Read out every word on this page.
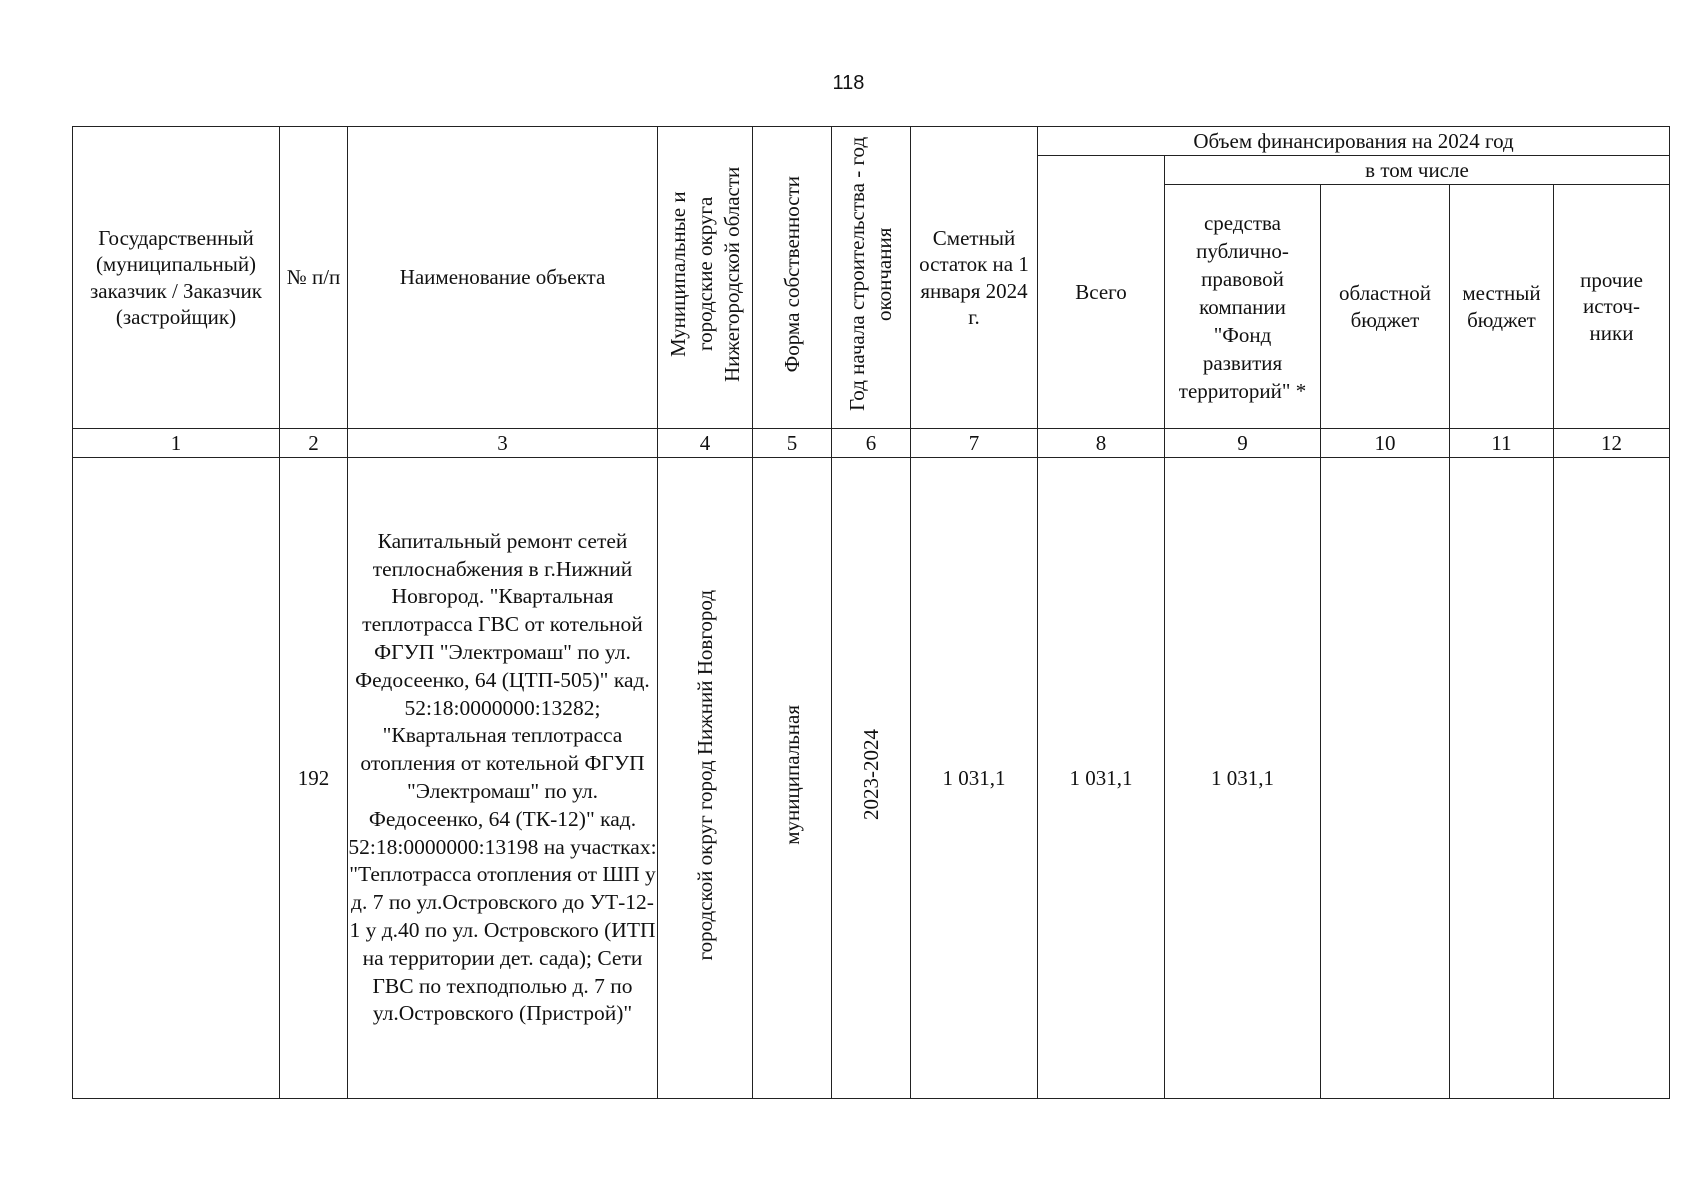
118
Государственный (муниципальный) заказчик / Заказчик (застройщик)	№ п/п	Наименование объекта	Муниципальные и городские округа Нижегородской области	Форма собственности	Год начала строительства - год окончания	Сметный остаток на 1 января 2024 г.	Объем финансирования на 2024 год				
							Всего	в том числе			
								средства публично-правовой компании "Фонд развития территорий" *	областной бюджет	местный бюджет	прочие источ-ники
1	2	3	4	5	6	7	8	9	10	11	12
	192	Капитальный ремонт сетей теплоснабжения в г.Нижний Новгород. "Квартальная теплотрасса ГВС от котельной ФГУП "Электромаш" по ул. Федосеенко, 64 (ЦТП-505)" кад. 52:18:0000000:13282; "Квартальная теплотрасса отопления от котельной ФГУП "Электромаш" по ул. Федосеенко, 64 (ТК-12)" кад. 52:18:0000000:13198 на участках: "Теплотрасса отопления от ШП у д. 7 по ул.Островского до УТ-12-1 у д.40 по ул. Островского (ИТП на территории дет. сада); Сети ГВС по техподполью д. 7 по ул.Островского (Пристрой)"	городской округ город Нижний Новгород	муниципальная	2023-2024	1 031,1	1 031,1	1 031,1			
